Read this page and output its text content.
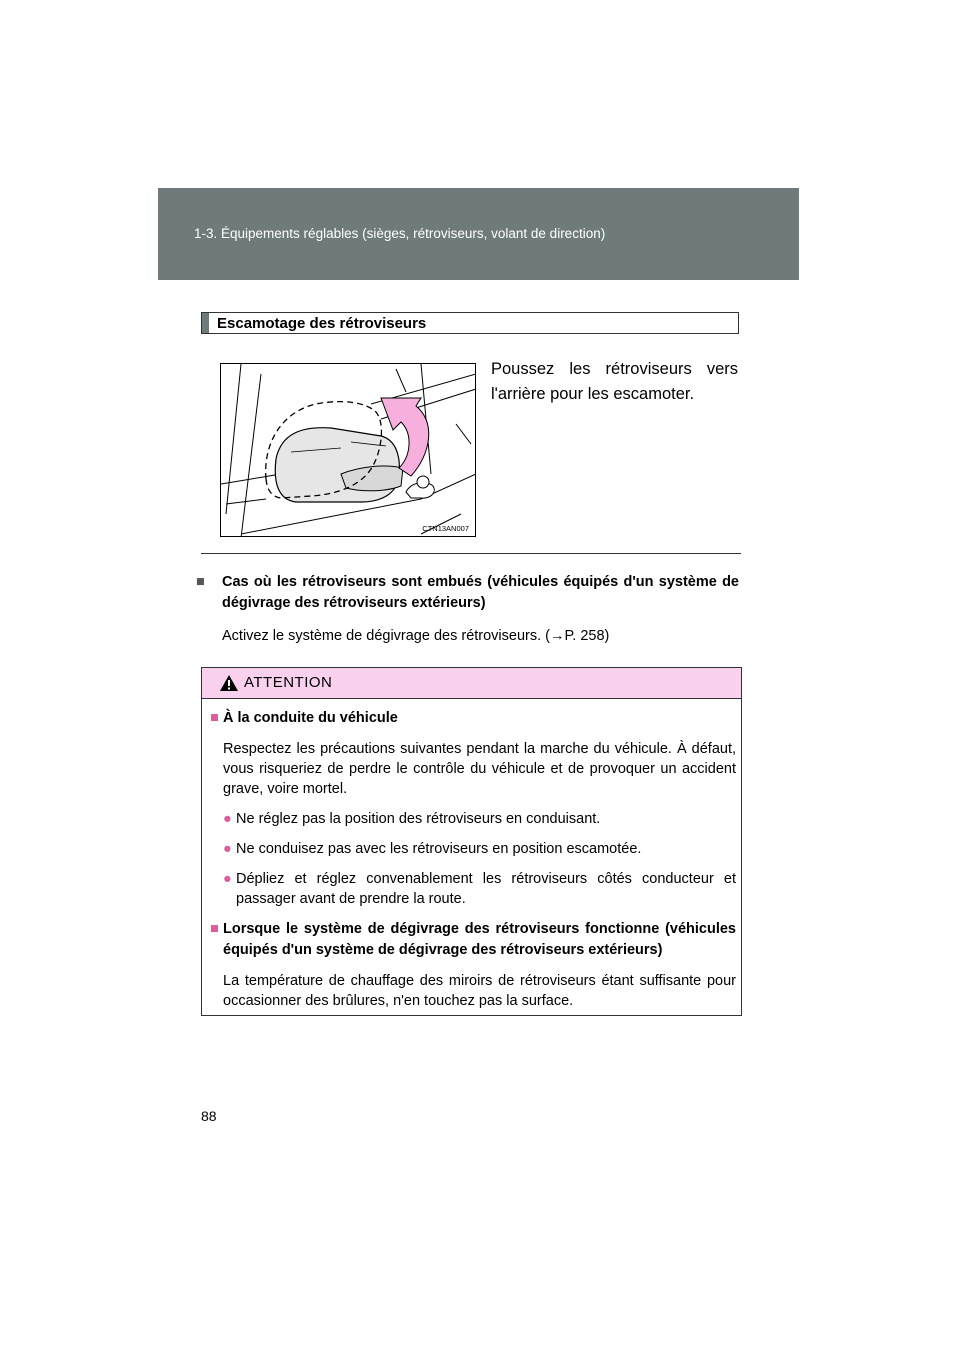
1-3. Équipements réglables (sièges, rétroviseurs, volant de direction)
Escamotage des rétroviseurs
CTN13AN007
Poussez les rétroviseurs vers l'arrière pour les escamoter.
■ Cas où les rétroviseurs sont embués (véhicules équipés d'un système de dégivrage des rétroviseurs extérieurs)
Activez le système de dégivrage des rétroviseurs. (→P. 258)
ATTENTION
■ À la conduite du véhicule
Respectez les précautions suivantes pendant la marche du véhicule. À défaut, vous risqueriez de perdre le contrôle du véhicule et de provoquer un accident grave, voire mortel.
● Ne réglez pas la position des rétroviseurs en conduisant.
● Ne conduisez pas avec les rétroviseurs en position escamotée.
● Dépliez et réglez convenablement les rétroviseurs côtés conducteur et passager avant de prendre la route.
■ Lorsque le système de dégivrage des rétroviseurs fonctionne (véhicules équipés d'un système de dégivrage des rétroviseurs extérieurs)
La température de chauffage des miroirs de rétroviseurs étant suffisante pour occasionner des brûlures, n'en touchez pas la surface.
88
